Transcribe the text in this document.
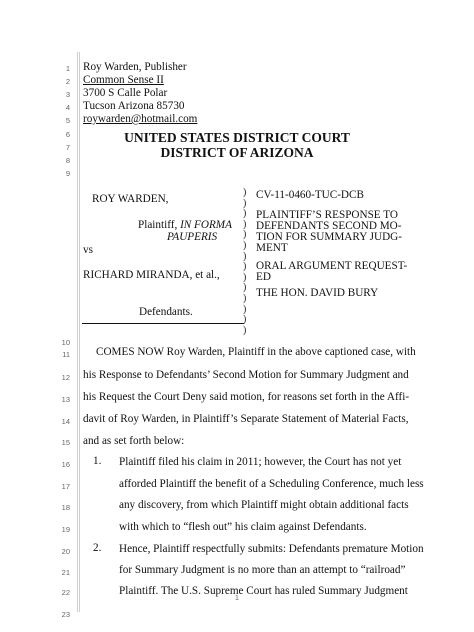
1
2
3
4
5
6
7
8
9
10
11
12
13
14
15
16
17
18
19
20
21
22
23
Roy Warden, Publisher
Common Sense II
3700 S Calle Polar
Tucson Arizona 85730
roywarden@hotmail.com
UNITED STATES DISTRICT COURT
DISTRICT OF ARIZONA
ROY WARDEN,
Plaintiff, IN FORMA
PAUPERIS
vs
RICHARD MIRANDA, et al.,
Defendants.
)
)
)
)
)
)
)
)
)
)
)
)
)
)
CV-11-0460-TUC-DCB
PLAINTIFF’S RESPONSE TO
DEFENDANTS SECOND MO-
TION FOR SUMMARY JUDG-
MENT
ORAL ARGUMENT REQUEST-
ED
THE HON. DAVID BURY
COMES NOW Roy Warden, Plaintiff in the above captioned case, with
his Response to Defendants’ Second Motion for Summary Judgment and
his Request the Court Deny said motion, for reasons set forth in the Affi-
davit of Roy Warden, in Plaintiff’s Separate Statement of Material Facts,
and as set forth below:
1. Plaintiff filed his claim in 2011; however, the Court has not yet
afforded Plaintiff the benefit of a Scheduling Conference, much less
any discovery, from which Plaintiff might obtain additional facts
with which to “flesh out” his claim against Defendants.
2. Hence, Plaintiff respectfully submits: Defendants premature Motion
for Summary Judgment is no more than an attempt to “railroad”
Plaintiff. The U.S. Supreme Court has ruled Summary Judgment
1
